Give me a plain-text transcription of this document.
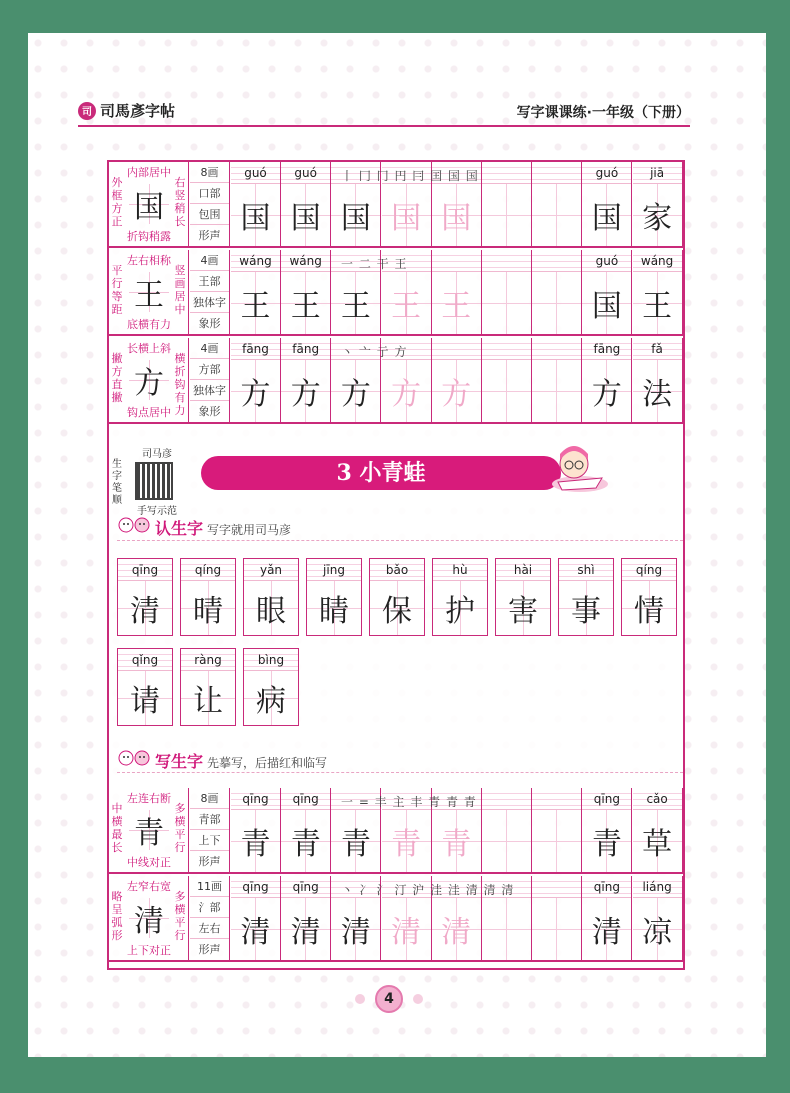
司 司馬彥字帖	写字课课练·一年级（下册）
内部居中
外框方正 国
右竖稍长
折钩稍露
8画
口部
包围
形声
guó
国
guó
国 国 国 国
guó
国
jiā
家
丨 冂 冂 円 冃 囯 国 国
左右相称
平行等距 王
竖画居中
底横有力
4画
王部
独体字
象形
wáng
王
wáng
王 王 王 王
guó
国
wáng
王
一 二 干 王
长横上斜
撇方直撇 方
横折钩有力
钩点居中
4画
方部
独体字
象形
fāng
方
fāng
方 方 方 方
fāng
方
fǎ
法
丶 亠 亍 方
司马彦
生字笔顺
手写示范
3 小青蛙
认生字 写字就用司马彦
qīng
清
qíng
晴
yǎn
眼
jīng
睛
bǎo
保
hù
护
hài
害
shì
事
qíng
情
qǐng
请
ràng
让
bìng
病
写生字 先摹写，后描红和临写
左连右断
中横最长 青
多横平行
中线对正
8画
青部
上下
形声
qīng
青
qīng
青 青 青 青
qīng
青
cǎo
草
一 = 丰 主 丰 青 青 青
左窄右宽
略呈弧形 清
多横平行
上下对正
11画
氵部
左右
形声
qīng
清
qīng
清 清 清 清
qīng
清
liáng
凉
丶 冫 氵 汀 沪 洼 洼 清 清 清
4
